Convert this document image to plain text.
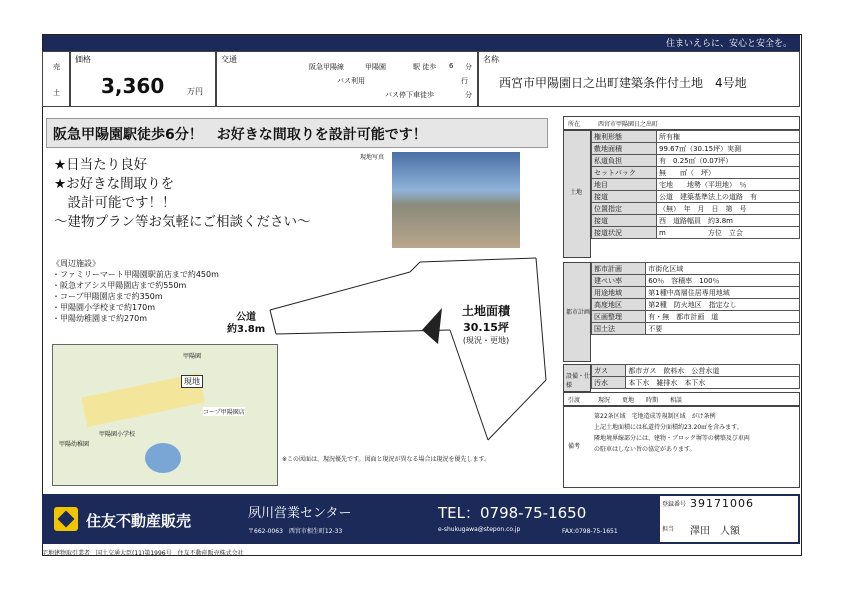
住まいえらに、安心と安全を。
売
土
価格
3,360	万円
交通
阪急甲陽線	甲陽園	駅 徒歩 6 分
バス利用	行
バス停下車徒歩	分
名称
西宮市甲陽園日之出町建築条件付土地　4号地
阪急甲陽園駅徒歩6分！　お好きな間取りを設計可能です！
★日当たり良好
★お好きな間取りを
　設計可能です！！
〜建物プラン等お気軽にご相談ください〜
現地写真
《周辺施設》
・ファミリーマート甲陽園駅前店まで約450m
・阪急オアシス甲陽園店まで約550m
・コープ甲陽園店まで約350m
・甲陽園小学校まで約170m
・甲陽幼稚園まで約270m	公道
約3.8m
土地面積
30.15坪
(現況・更地)
甲陽園
現地
コープ甲陽園店
甲陽園小学校
甲陽幼稚園
※この図面は、現況優先です。図面と現況が異なる場合は現況を優先します。
所在	西宮市甲陽園日之出町
土地
権利形態	所有権
敷地面積	99.67㎡（30.15坪）実測
私道負担	有　0.25㎡（0.07坪）
セットバック	無　　㎡（　坪）
地目	宅地　　地勢（平坦地）　％
接道	公道　建築基準法上の道路　有
位置指定	（無）　年　月　日　第　号
接道	西　道路幅員　約3.8m
接道状況	m　　　　　　方位　立会
都市計画
都市計画	市街化区域
建ぺい率	60％　容積率　100％
用途地域	第1種中高層住居専用地域
高度地区	第2種　防火地区　指定なし
区画整理	有・無　都市計画　道
国土法	不要
設備・仕様
ガス	都市ガス　飲料水　公営水道
汚水	本下水　雑排水　本下水
引渡	現況　　更地　　時期　　相談
備考
第22条区域　宅地造成等規制区域　がけ条例
上記土地面積には私道持分面積約23.20㎡を含みます。
隣地境界線部分には、建物・ブロック塀等の構築及び車両
の駐車はしない旨の協定があります。
住友不動産販売	夙川営業センター
〒662-0063　西宮市相生町12-33
TEL：0798-75-1650
e-shukugawa@stepon.co.jp	FAX:0798-75-1651
登録番号 39171006
担当 澤田　人額
宅地建物取引業者　国土交通大臣(11)第1996号　住友不動産販売株式会社
